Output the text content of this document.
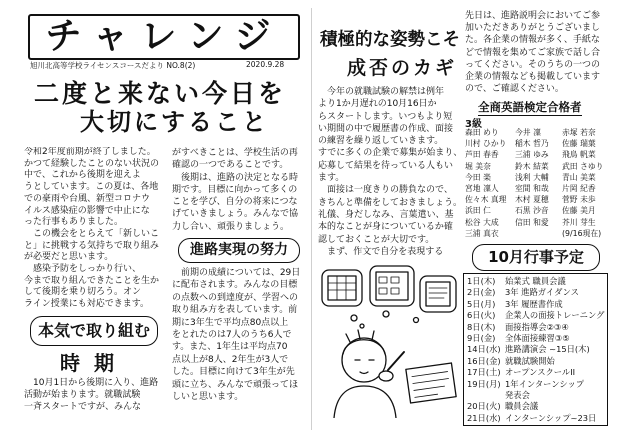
チャレンジ
旭川北高等学校ライセンスコースだより NO.8(2)	2020.9.28
二度と来ない今日を
大切にすること
令和2年度前期が終了しました。
かつて経験したことのない状況の
中で、これから後期を迎えよ
うとしています。この夏は、各地
での豪雨や台風、新型コロナウ
イルス感染症の影響で中止にな
った行事もありました。
　この機会をとらえて「新しいこ
と」に挑戦する気持ちで取り組み
が必要だと思います。
　感染予防をしっかり行い、
今まで取り組んできたことを生か
して後期を乗り切ろう。オン
ライン授業にも対応できます。
本気で取り組む
時期
　10月1日から後期に入り、進路
活動が始まります。就職試験
一斉スタートですが、みんな
がすべきことは、学校生活の再
確認の一つであることです。
　後期は、進路の決定となる時
期です。目標に向かって多くの
ことを学び、自分の将来につな
げていきましょう。みんなで協
力し合い、頑張りましょう。
進路実現の努力
　前期の成績については、29日
に配布されます。みんなの目標
の点数への到達度が、学習への
取り組み方を表しています。前
期に3年生で平均点80点以上
をとれたのは7人のうち6人で
す。また、1年生は平均点70
点以上が8人、2年生が3人で
した。目標に向けて3年生が先
頭に立ち、みんなで頑張ってほ
しいと思います。
積極的な姿勢こそ
成否のカギ
　今年の就職試験の解禁は例年
より1か月遅れの10月16日か
らスタートします。いつもより短
い期間の中で履歴書の作成、面接
の練習を繰り返していきます。
すでに多くの企業で募集が始まり、
応募して結果を待っている人もい
ます。
　面接は一度きりの勝負なので、
きちんと準備をしておきましょう。
礼儀、身だしなみ、言葉遣い、基
本的なことが身についているか確
認しておくことが大切です。
　まず、作文で自分を表現する
先日は、進路説明会においてご参
加いただきありがとうございまし
た。各企業の情報が多く、手紙な
どで情報を集めてご家族で話し合
ってください。そのうちの一つの
企業の情報なども掲載しています
ので、ご確認ください。
全商英語検定合格者
3級
森田 めり	今井 凜	赤塚 若奈
川村 ひかり	稲木 哲乃	佐藤 瑞葉
芦田 春香	三浦 ゆみ	飛鳥 帆菜
堀 美奈	鈴木 結菜	武田 さゆり
今田 楽	浅利 大輔	青山 美菜
宮地 凜人	室間 和哉	片岡 紀香
佐々木 真理	木村 夏穂	菅野 未歩
浜田 仁	石黒 沙音	佐藤 美月
松谷 大成	信田 和愛	芥川 芽生
三浦 真衣	(9/16現在)
10月行事予定
1日(木)	始業式 職員会議
2日(金)	3年 進路ガイダンス
5日(月)	3年 履歴書作成
6日(火)	企業人の面接トレーニング
8日(木)	面接指導会②③④
9日(金)	全体面接練習③⑤
14日(水) 進路講演会 ~15日(木)
16日(金) 就職試験開始
17日(土) オープンスクールII
19日(月) 1年インターンシップ
発表会
20日(火) 職員会議
21日(水) インターンシップ~23日
